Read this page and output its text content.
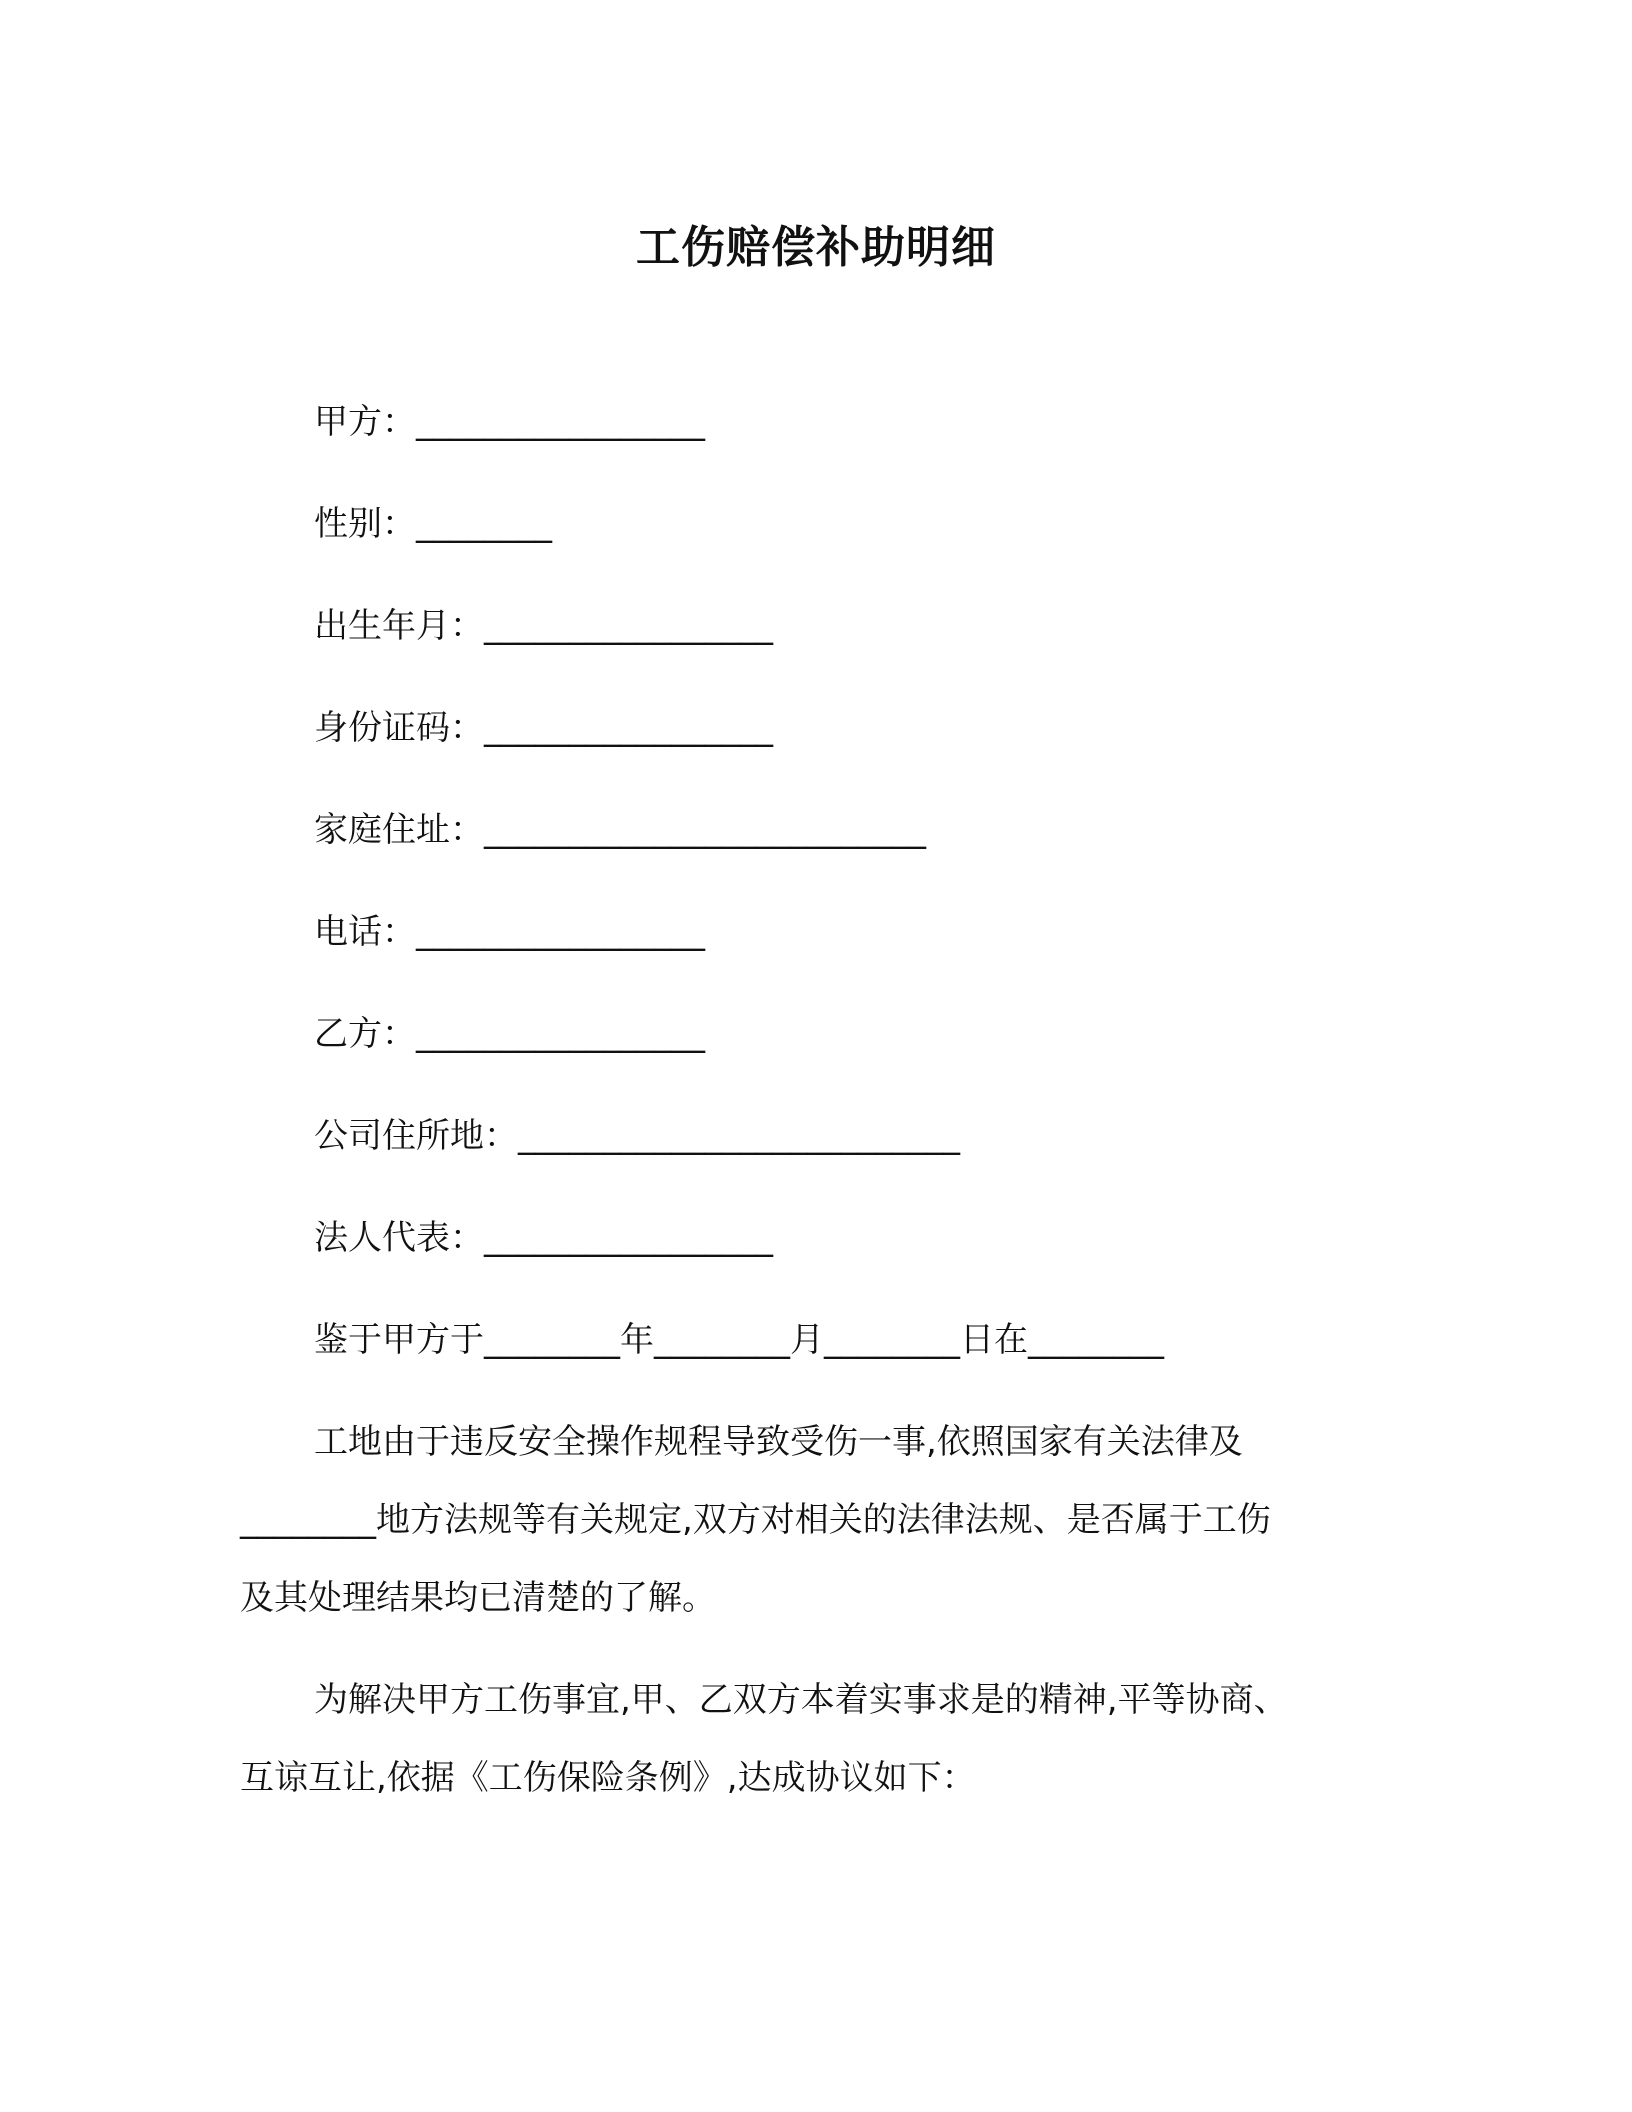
工伤赔偿补助明细
甲方：_________________
性别：________
出生年月：_________________
身份证码：_________________
家庭住址：__________________________
电话：_________________
乙方：_________________
公司住所地：__________________________
法人代表：_________________
鉴于甲方于________年________月________日在________
工地由于违反安全操作规程导致受伤一事,依照国家有关法律及
________地方法规等有关规定,双方对相关的法律法规、是否属于工伤
及其处理结果均已清楚的了解。
为解决甲方工伤事宜,甲、乙双方本着实事求是的精神,平等协商、
互谅互让,依据《工伤保险条例》,达成协议如下：
